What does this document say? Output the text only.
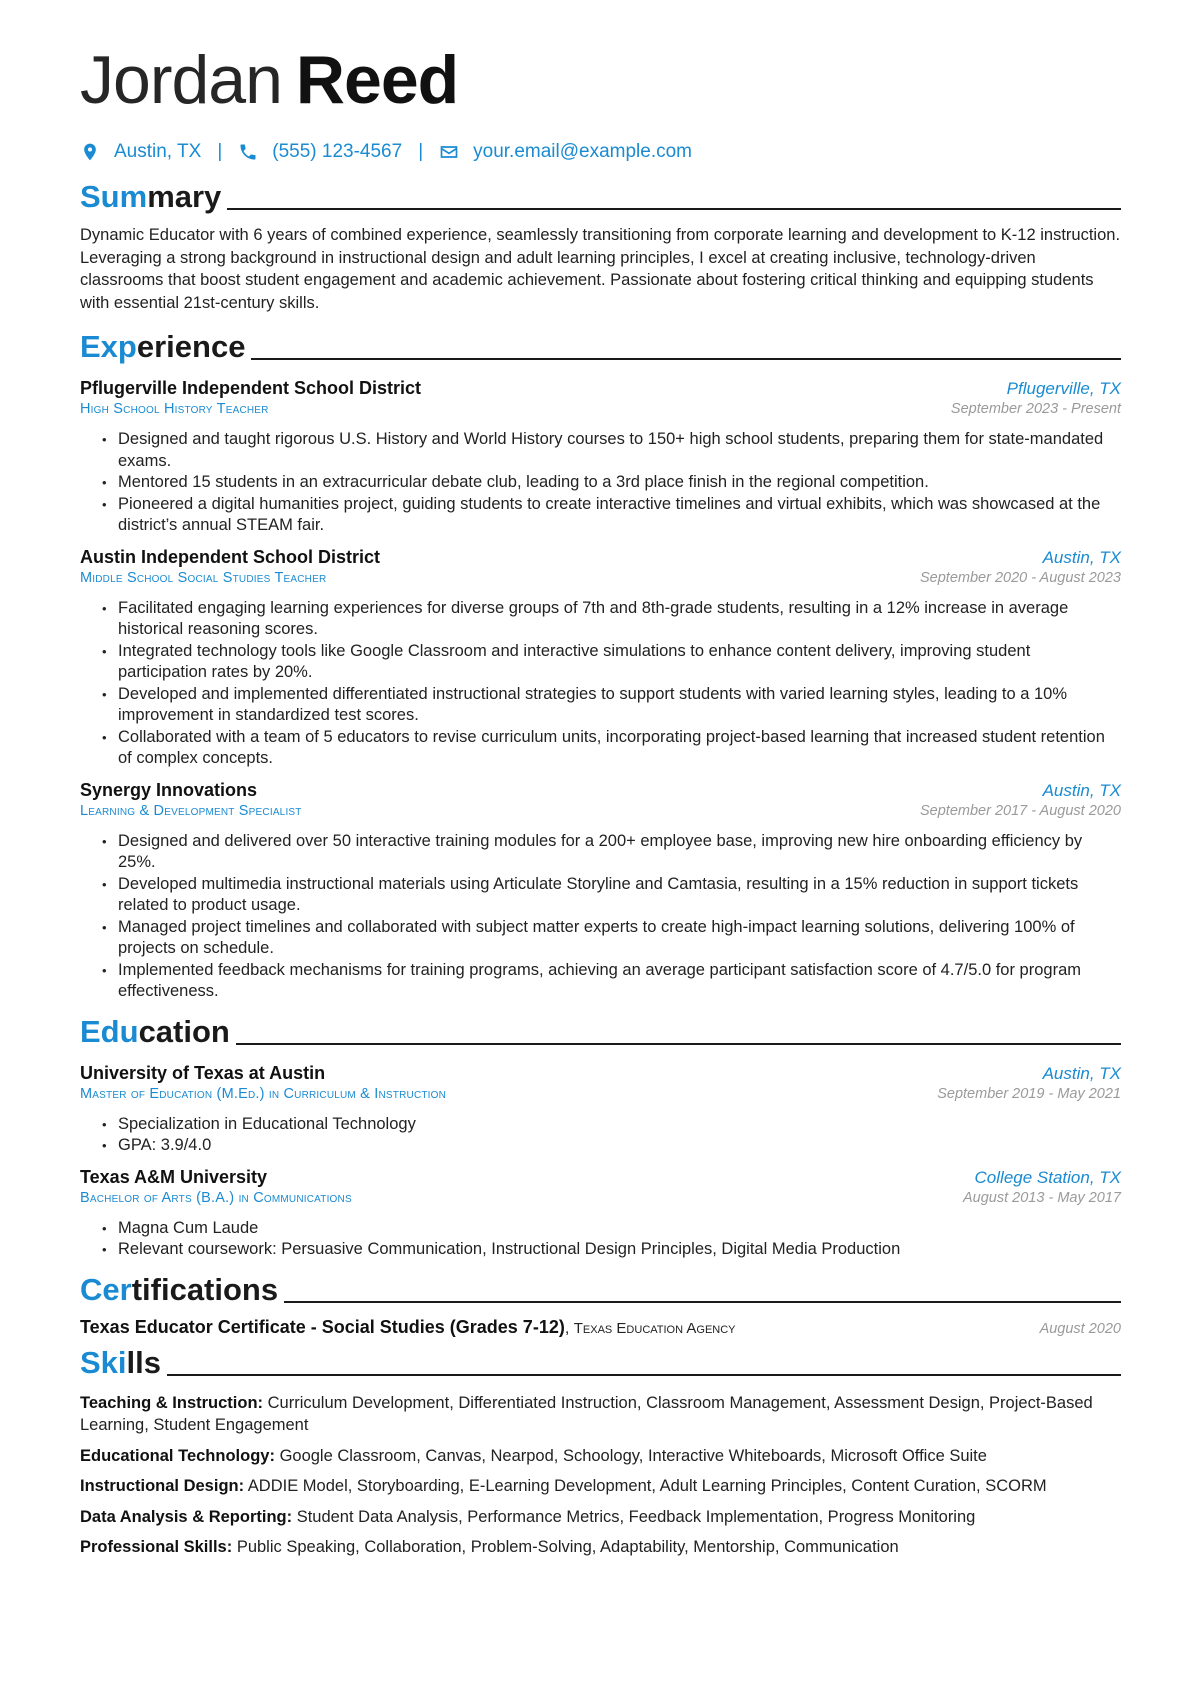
Jordan Reed
Austin, TX |	(555) 123-4567 |	your.email@example.com
Summary
Dynamic Educator with 6 years of combined experience, seamlessly transitioning from corporate learning and development to K-12 instruction. Leveraging a strong background in instructional design and adult learning principles, I excel at creating inclusive, technology-driven classrooms that boost student engagement and academic achievement. Passionate about fostering critical thinking and equipping students with essential 21st-century skills.
Experience
Pflugerville Independent School District	Pflugerville, TX
High School History Teacher	September 2023 - Present
• Designed and taught rigorous U.S. History and World History courses to 150+ high school students, preparing them for state-mandated exams.
• Mentored 15 students in an extracurricular debate club, leading to a 3rd place finish in the regional competition.
• Pioneered a digital humanities project, guiding students to create interactive timelines and virtual exhibits, which was showcased at the district’s annual STEAM fair.
Austin Independent School District	Austin, TX
Middle School Social Studies Teacher	September 2020 - August 2023
• Facilitated engaging learning experiences for diverse groups of 7th and 8th-grade students, resulting in a 12% increase in average historical reasoning scores.
• Integrated technology tools like Google Classroom and interactive simulations to enhance content delivery, improving student participation rates by 20%.
• Developed and implemented differentiated instructional strategies to support students with varied learning styles, leading to a 10% improvement in standardized test scores.
• Collaborated with a team of 5 educators to revise curriculum units, incorporating project-based learning that increased student retention of complex concepts.
Synergy Innovations	Austin, TX
Learning & Development Specialist	September 2017 - August 2020
• Designed and delivered over 50 interactive training modules for a 200+ employee base, improving new hire onboarding efficiency by 25%.
• Developed multimedia instructional materials using Articulate Storyline and Camtasia, resulting in a 15% reduction in support tickets related to product usage.
• Managed project timelines and collaborated with subject matter experts to create high-impact learning solutions, delivering 100% of projects on schedule.
• Implemented feedback mechanisms for training programs, achieving an average participant satisfaction score of 4.7/5.0 for program effectiveness.
Education
University of Texas at Austin	Austin, TX
Master of Education (M.Ed.) in Curriculum & Instruction	September 2019 - May 2021
• Specialization in Educational Technology
• GPA: 3.9/4.0
Texas A&M University	College Station, TX
Bachelor of Arts (B.A.) in Communications	August 2013 - May 2017
• Magna Cum Laude
• Relevant coursework: Persuasive Communication, Instructional Design Principles, Digital Media Production
Certifications
Texas Educator Certificate - Social Studies (Grades 7-12), Texas Education Agency	August 2020
Skills
Teaching & Instruction: Curriculum Development, Differentiated Instruction, Classroom Management, Assessment Design, Project-Based Learning, Student Engagement
Educational Technology: Google Classroom, Canvas, Nearpod, Schoology, Interactive Whiteboards, Microsoft Office Suite
Instructional Design: ADDIE Model, Storyboarding, E-Learning Development, Adult Learning Principles, Content Curation, SCORM
Data Analysis & Reporting: Student Data Analysis, Performance Metrics, Feedback Implementation, Progress Monitoring
Professional Skills: Public Speaking, Collaboration, Problem-Solving, Adaptability, Mentorship, Communication
